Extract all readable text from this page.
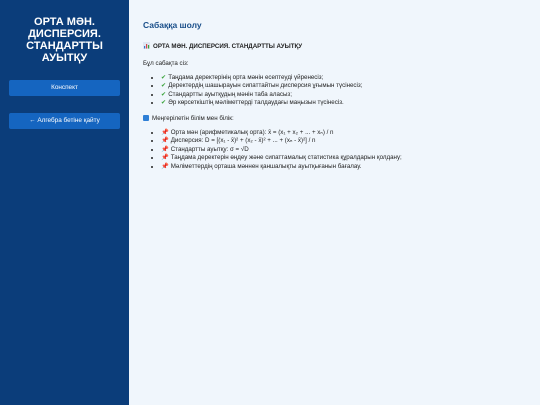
ОРТА МӘН. ДИСПЕРСИЯ. СТАНДАРТТЫ АУЫТҚУ
Конспект
← Алгебра бетіне қайту
Сабаққа шолу
ОРТА МӘН. ДИСПЕРСИЯ. СТАНДАРТТЫ АУЫТҚУ

Бұл сабақта сіз:

• ✔ Таңдама деректерінің орта мәнін есептеуді үйренесіз;
• ✔ Деректердің шашырауын сипаттайтын дисперсия ұғымын түсінесіз;
• ✔ Стандартты ауытқудың мәнін таба аласыз;
• ✔ Әр көрсеткіштің мәліметтерді талдаудағы маңызын түсінесіз.
Меңгерілетін білім мен білік:
• 📌 Орта мән (арифметикалық орта): x̄ = (x₁ + x₂ + ... + xₙ) / n
• 📌 Дисперсия: D = [(x₁ - x̄)² + (x₂ - x̄)² + ... + (xₙ - x̄)²] / n
• 📌 Стандартты ауытқу: σ = √D
• 📌 Таңдама деректерін өңдеу және сипаттамалық статистика құралдарын қолдану;
• 📌 Мәліметтердің орташа мәннен қаншалықты ауытқығанын бағалау.
